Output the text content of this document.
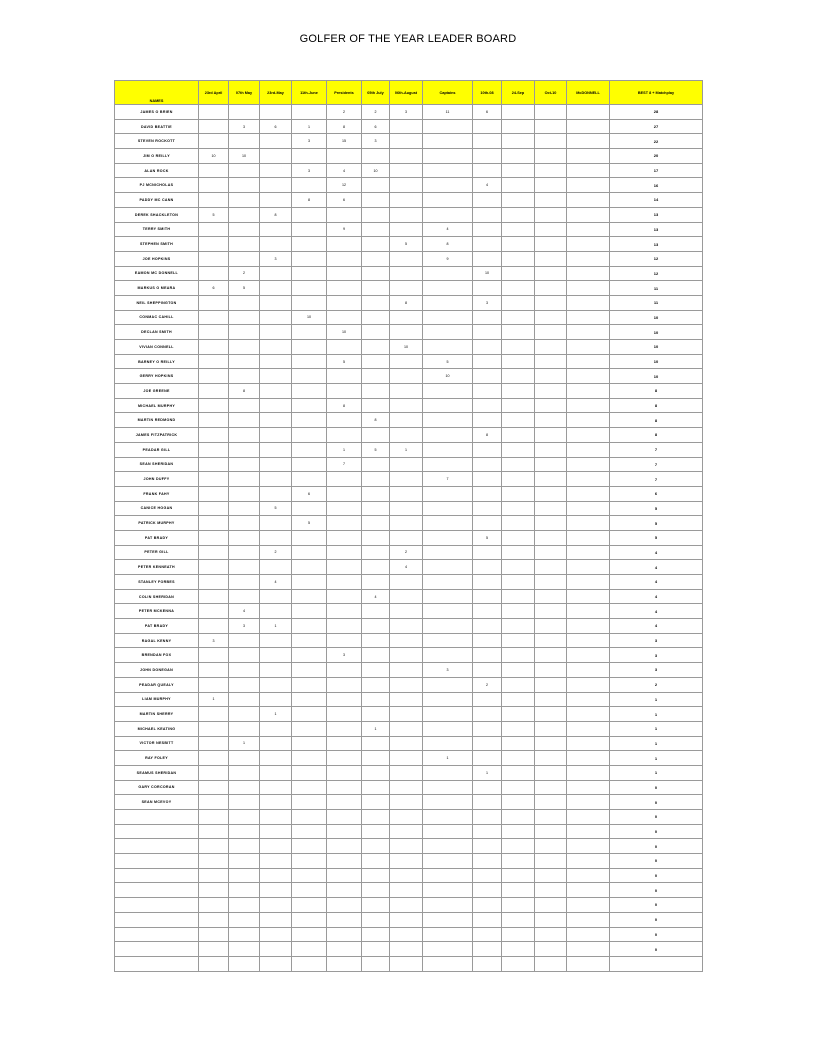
GOLFER OF THE YEAR LEADER BOARD
NAMES	23rd April	07th May	23rd-May	11th-June	Presidents	05th July	06th-August	Captains	10th-08	24-Sep	Oct-10	McDONNELL	BEST 8 + Matchplay
JAMES O BRIEN					2	2	3	11	6				28
DAVID BEATTIE		3	6	1	8	6							27
STEVEN ROCKOTT				3	15	3							22
JIM O REILLY	10	10											20
ALAN ROCK				3	4	10							17
PJ MCNICHOLAS					12				4				16
PADDY MC CANN				8	6								14
DEREK SHACKLETON	5		8										13
TERRY SMITH					9			4					13
STEPHEN SMITH							5	8					13
JOE HOPKINS			3					9					12
EAMON MC DONNELL		2							10				12
MARKUS O MEARA	6	5											11
NEIL SHEPPINGTON							8		3				11
CONMAC CAHILL				10									10
DECLAN SMITH					10								10
VIVIAN CONNELL							10						10
BARNEY O REILLY					5			5					10
GERRY HOPKINS								10					10
JOE GREENE		8											8
MICHAEL MURPHY					8								8
MARTIN REDMOND						8							8
JAMES FITZPATRICK									8				8
PEADAR GILL					1	5	1						7
SEAN SHERIDAN					7								7
JOHN DUFFY								7					7
FRANK FAHY				6									6
CANICE HOGAN			5										5
PATRICK MURPHY				5									5
PAT BRADY									5				5
PETER GILL			2				2						4
PETER KENNEATH							4						4
STANLEY FORBES			4										4
COLIN SHERIDAN						4							4
PETER MCKENNA		4											4
PAT BRADY		3	1										4
RAGAL KENNY	3												3
BRENDAN FOX					3								3
JOHN DONEGAN								3					3
PEADAR QUEALY									2				2
LIAM MURPHY	1												1
MARTIN SHERRY			1										1
MICHAEL KEATING						1							1
VICTOR NESBITT		1											1
RAY FOLEY								1					1
SEAMUS SHERIDAN									1				1
GARY CORCORAN													0
SEAN MCEVOY													0
													0
													0
													0
													0
													0
													0
													0
													0
													0
													0
